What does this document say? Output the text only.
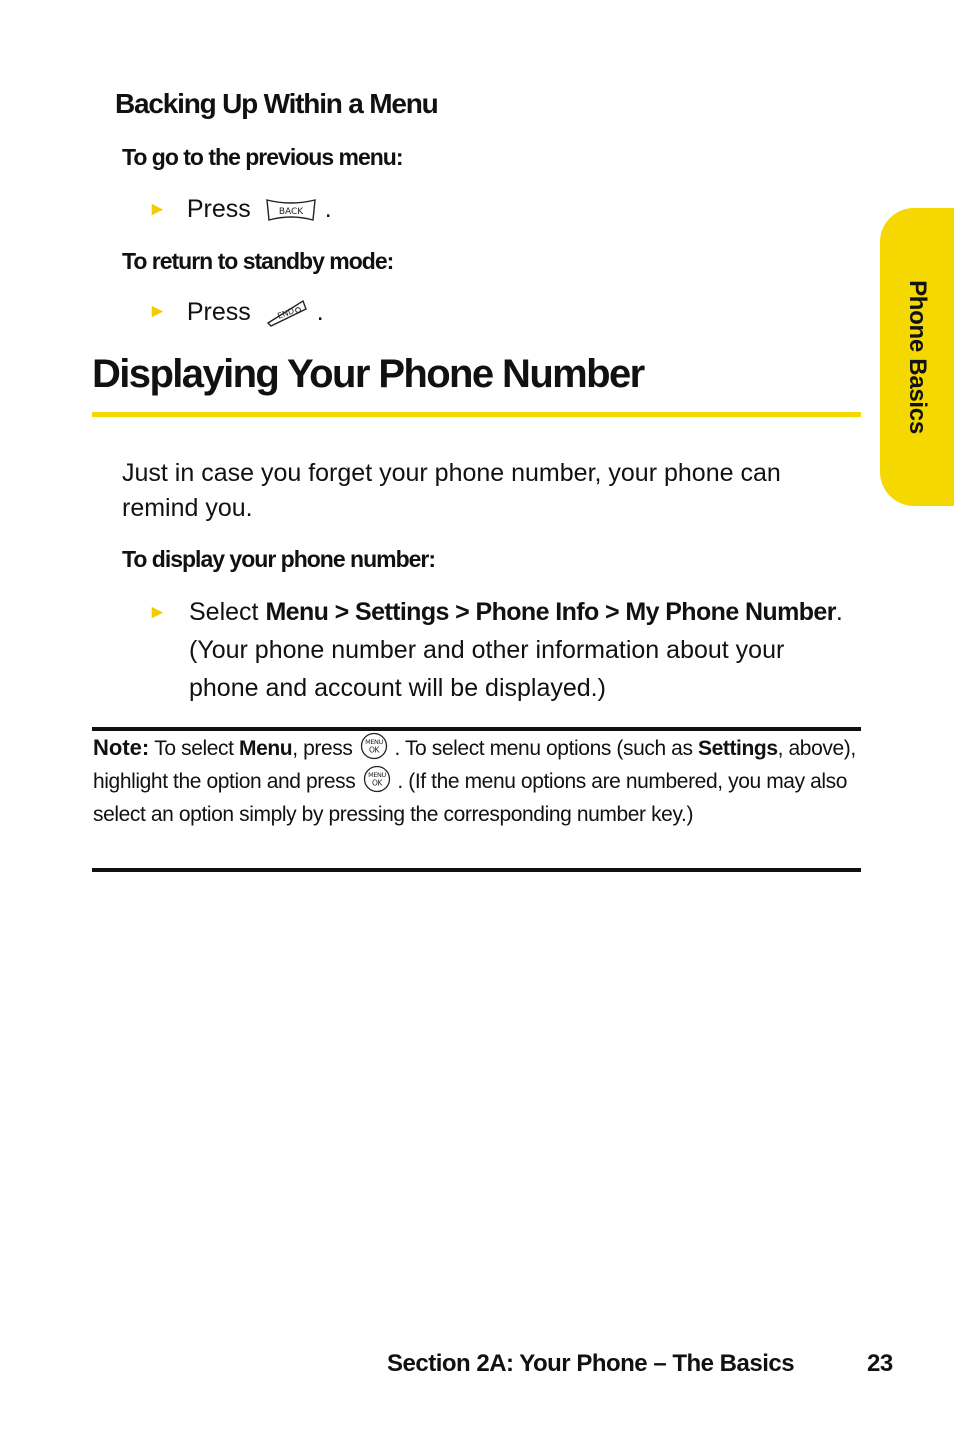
Backing Up Within a Menu
To go to the previous menu:
► Press	BACK .
To return to standby mode:
► Press	END .
Displaying Your Phone Number
Just in case you forget your phone number, your phone can remind you.
To display your phone number:
► Select Menu > Settings > Phone Info > My Phone Number. (Your phone number and other information about your phone and account will be displayed.)
Note: To select Menu, press MENU
OK . To select menu options (such as Settings, above), highlight the option and press MENU
OK . (If the menu options are numbered, you may also select an option simply by pressing the corresponding number key.)
Phone Basics
Section 2A: Your Phone – The Basics	23
